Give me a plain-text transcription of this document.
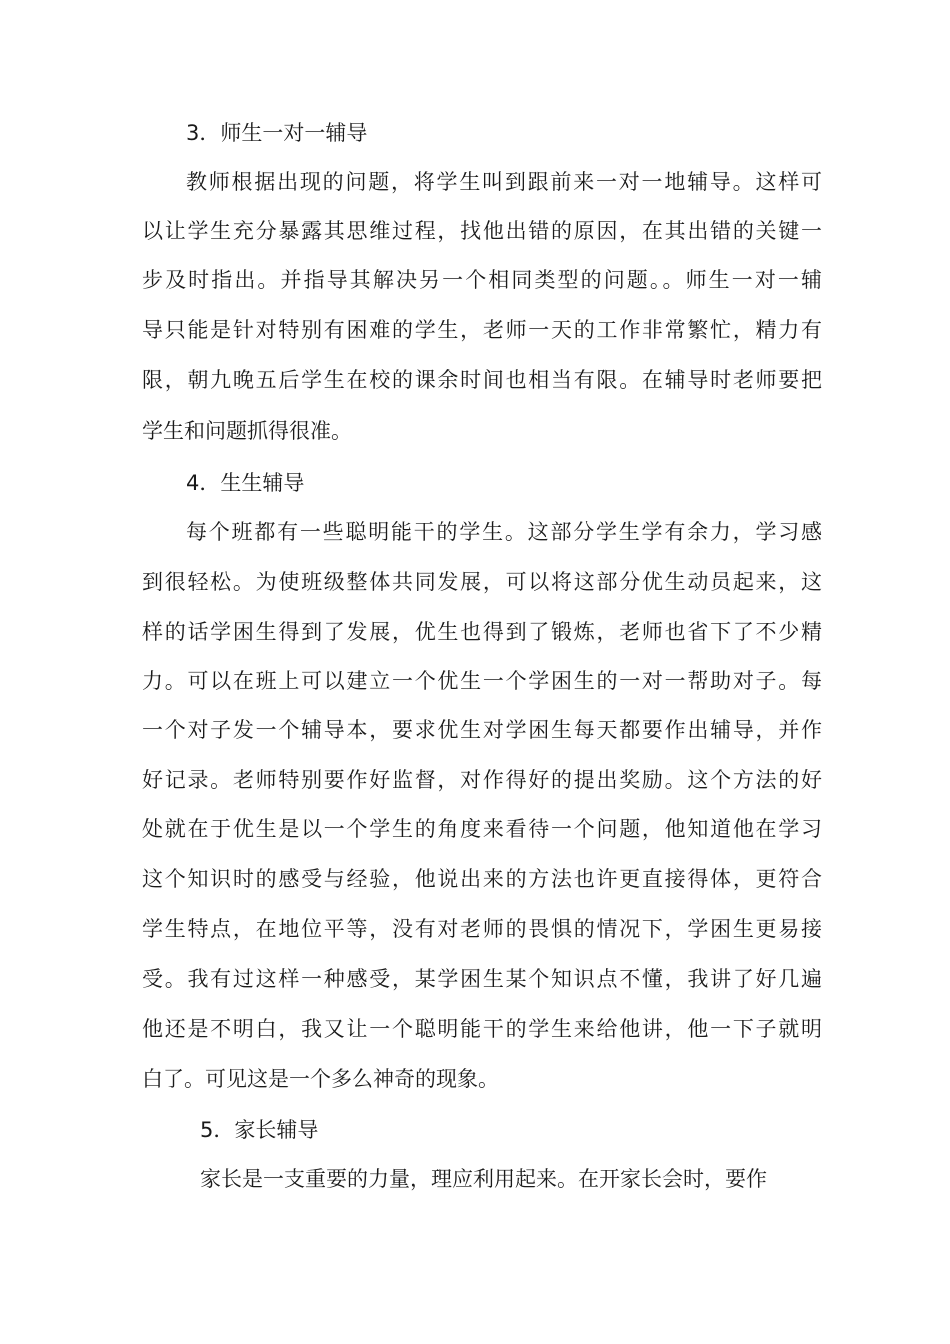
3．师生一对一辅导
教师根据出现的问题，将学生叫到跟前来一对一地辅导。这样可
以让学生充分暴露其思维过程，找他出错的原因，在其出错的关键一
步及时指出。并指导其解决另一个相同类型的问题。。师生一对一辅
导只能是针对特别有困难的学生，老师一天的工作非常繁忙，精力有
限，朝九晚五后学生在校的课余时间也相当有限。在辅导时老师要把
学生和问题抓得很准。
4．生生辅导
每个班都有一些聪明能干的学生。这部分学生学有余力，学习感
到很轻松。为使班级整体共同发展，可以将这部分优生动员起来，这
样的话学困生得到了发展，优生也得到了锻炼，老师也省下了不少精
力。可以在班上可以建立一个优生一个学困生的一对一帮助对子。每
一个对子发一个辅导本，要求优生对学困生每天都要作出辅导，并作
好记录。老师特别要作好监督，对作得好的提出奖励。这个方法的好
处就在于优生是以一个学生的角度来看待一个问题，他知道他在学习
这个知识时的感受与经验，他说出来的方法也许更直接得体，更符合
学生特点，在地位平等，没有对老师的畏惧的情况下，学困生更易接
受。我有过这样一种感受，某学困生某个知识点不懂，我讲了好几遍
他还是不明白，我又让一个聪明能干的学生来给他讲，他一下子就明
白了。可见这是一个多么神奇的现象。
5．家长辅导
家长是一支重要的力量，理应利用起来。在开家长会时，要作
